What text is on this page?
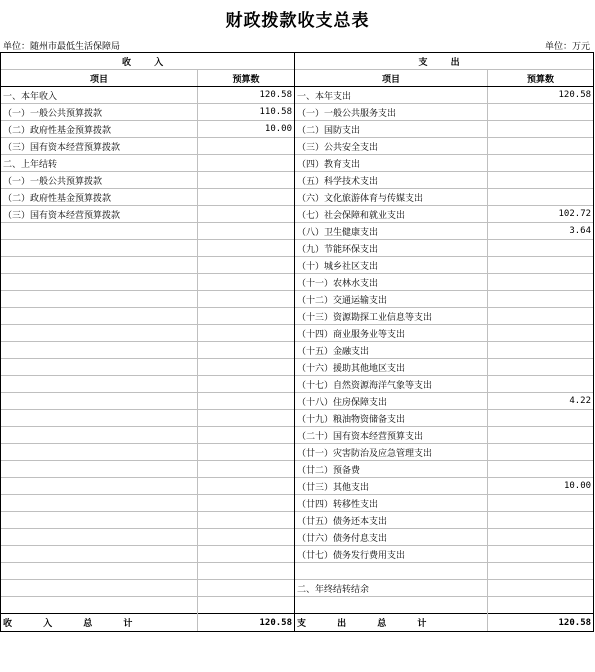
财政拨款收支总表
单位：随州市最低生活保障局	单位：万元
收 入		支 出	
项目	预算数	项目	预算数
一、本年收入	120.58	一、本年支出	120.58
（一）一般公共预算拨款	110.58	（一）一般公共服务支出	
（二）政府性基金预算拨款	10.00	（二）国防支出	
（三）国有资本经营预算拨款		（三）公共安全支出	
二、上年结转		（四）教育支出	
（一）一般公共预算拨款		（五）科学技术支出	
（二）政府性基金预算拨款		（六）文化旅游体育与传媒支出	
（三）国有资本经营预算拨款		（七）社会保障和就业支出	102.72
		（八）卫生健康支出	3.64
		（九）节能环保支出	
		（十）城乡社区支出	
		（十一）农林水支出	
		（十二）交通运输支出	
		（十三）资源勘探工业信息等支出	
		（十四）商业服务业等支出	
		（十五）金融支出	
		（十六）援助其他地区支出	
		（十七）自然资源海洋气象等支出	
		（十八）住房保障支出	4.22
		（十九）粮油物资储备支出	
		（二十）国有资本经营预算支出	
		（廿一）灾害防治及应急管理支出	
		（廿二）预备费	
		（廿三）其他支出	10.00
		（廿四）转移性支出	
		（廿五）债务还本支出	
		（廿六）债务付息支出	
		（廿七）债务发行费用支出	

		二、年终结转结余	

收 入 总 计	120.58	支 出 总 计	120.58
